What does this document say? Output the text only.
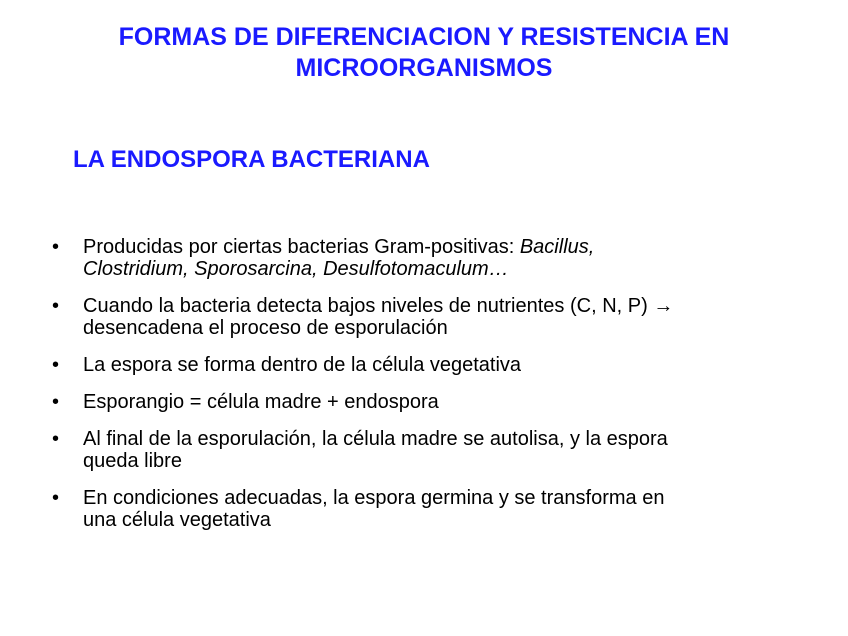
FORMAS DE DIFERENCIACION Y RESISTENCIA EN
MICROORGANISMOS
LA ENDOSPORA BACTERIANA
• Producidas por ciertas bacterias Gram-positivas: Bacillus,
Clostridium, Sporosarcina, Desulfotomaculum…
• Cuando la bacteria detecta bajos niveles de nutrientes (C, N, P) →
desencadena el proceso de esporulación
• La espora se forma dentro de la célula vegetativa
• Esporangio = célula madre + endospora
• Al final de la esporulación, la célula madre se autolisa, y la espora
queda libre
• En condiciones adecuadas, la espora germina y se transforma en
una célula vegetativa
